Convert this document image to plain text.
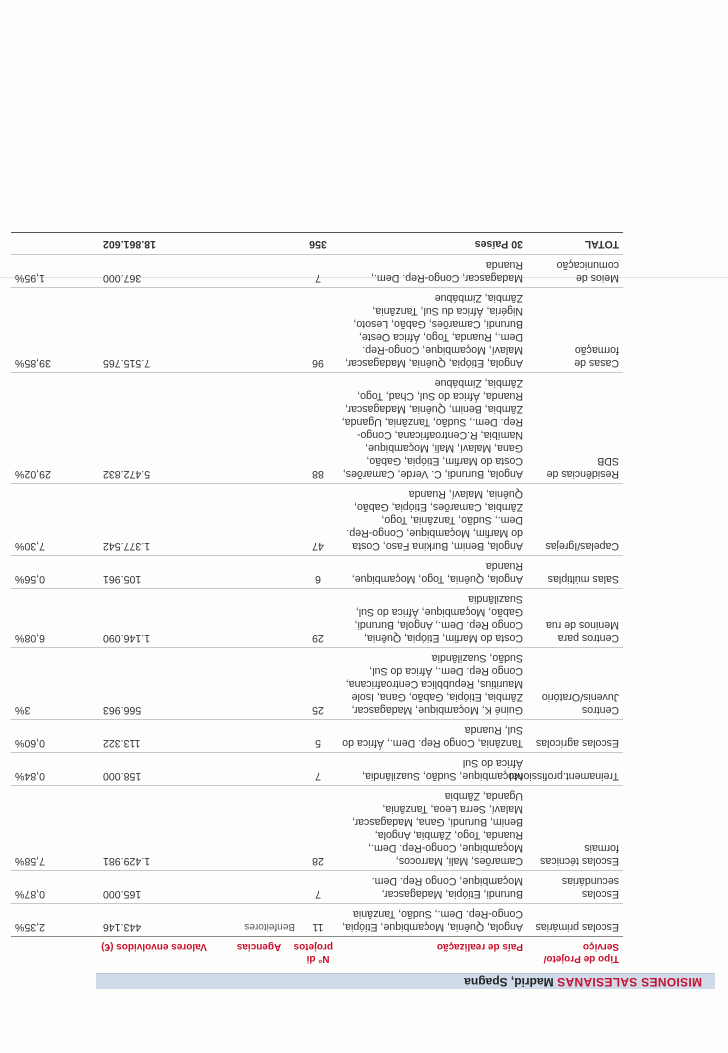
MISIONES SALESIANAS Madrid, Spagna
Tipo de Projeto/ Serviço	País de realização	N° di projetos	Agencias	Valores envolvidos (€)	
Escolas primárias	Angola, Quênia, Moçambique, Etiópia, Congo-Rep. Dem., Sudão, Tanzânia	11	Benfeitores	443.146	2,35%
Escolas secundárias	Burundi, Etiópia, Madagascar, Moçambique, Congo Rep. Dem.	7		165.000	0,87%
Escolas técnicas formais	Camarões, Mali, Marrocos, Moçambique, Congo-Rep. Dem., Ruanda, Togo, Zâmbia, Angola, Benim, Burundi, Gana, Madagascar, Malaví, Serra Leoa, Tanzânia, Uganda, Zâmbia	28		1.429.981	7,58%
Treinament.profissional	Moçambique, Sudão, Suazilândia, África do Sul	7		158.000	0,84%
Escolas agrícolas	Tanzânia, Congo Rep. Dem., África do Sul, Ruanda	5		113.322	0,60%
Centros Juvenis/Oratório	Guiné K, Moçambique, Madagascar, Zâmbia, Etiópia, Gabão, Gana, Isole Mauritius, Repubblica Centroafricana, Congo Rep. Dem., África do Sul, Sudão, Suazilândia	25		566.963	3%
Centros para Meninos de rua	Costa do Marfim, Etiópia, Quênia, Congo Rep. Dem., Angola, Burundi, Gabão, Moçambique, África do Sul, Suazilândia	29		1.146.090	6,08%
Salas múltiplas	Angola, Quênia, Togo, Moçambique, Ruanda	6		105.961	0,56%
Capelas/Igrejas	Angola, Benim, Burkina Faso, Costa do Marfim, Moçambique, Congo-Rep. Dem., Sudão, Tanzânia, Togo, Zâmbia, Camarões, Etiópia, Gabão, Quênia, Malaví, Ruanda	47		1.377.542	7,30%
Residências de SDB	Angola, Burundi, C. Verde, Camarões, Costa do Marfim, Etiópia, Gabão, Gana, Malaví, Mali, Moçambique, Namíbia, R.Centroafricana, Congo-Rep. Dem., Sudão, Tanzânia, Uganda, Zâmbia, Benim, Quênia, Madagascar, Ruanda, África do Sul, Chad, Togo, Zâmbia, Zimbábue	88		5.472.832	29,02%
Casas de formação	Angola, Etiópia, Quênia, Madagascar, Malaví, Moçambique, Congo-Rep. Dem., Ruanda, Togo, África Oeste, Burundi, Camarões, Gabão, Lesoto, Nigéria, África du Sul, Tanzânia, Zâmbia, Zimbábue	96		7.515.765	39,85%
Meios de comunicação	Madagascar, Congo-Rep. Dem., Ruanda	7		367.000	1,95%
TOTAL	30 Países	356		18.861.602	
